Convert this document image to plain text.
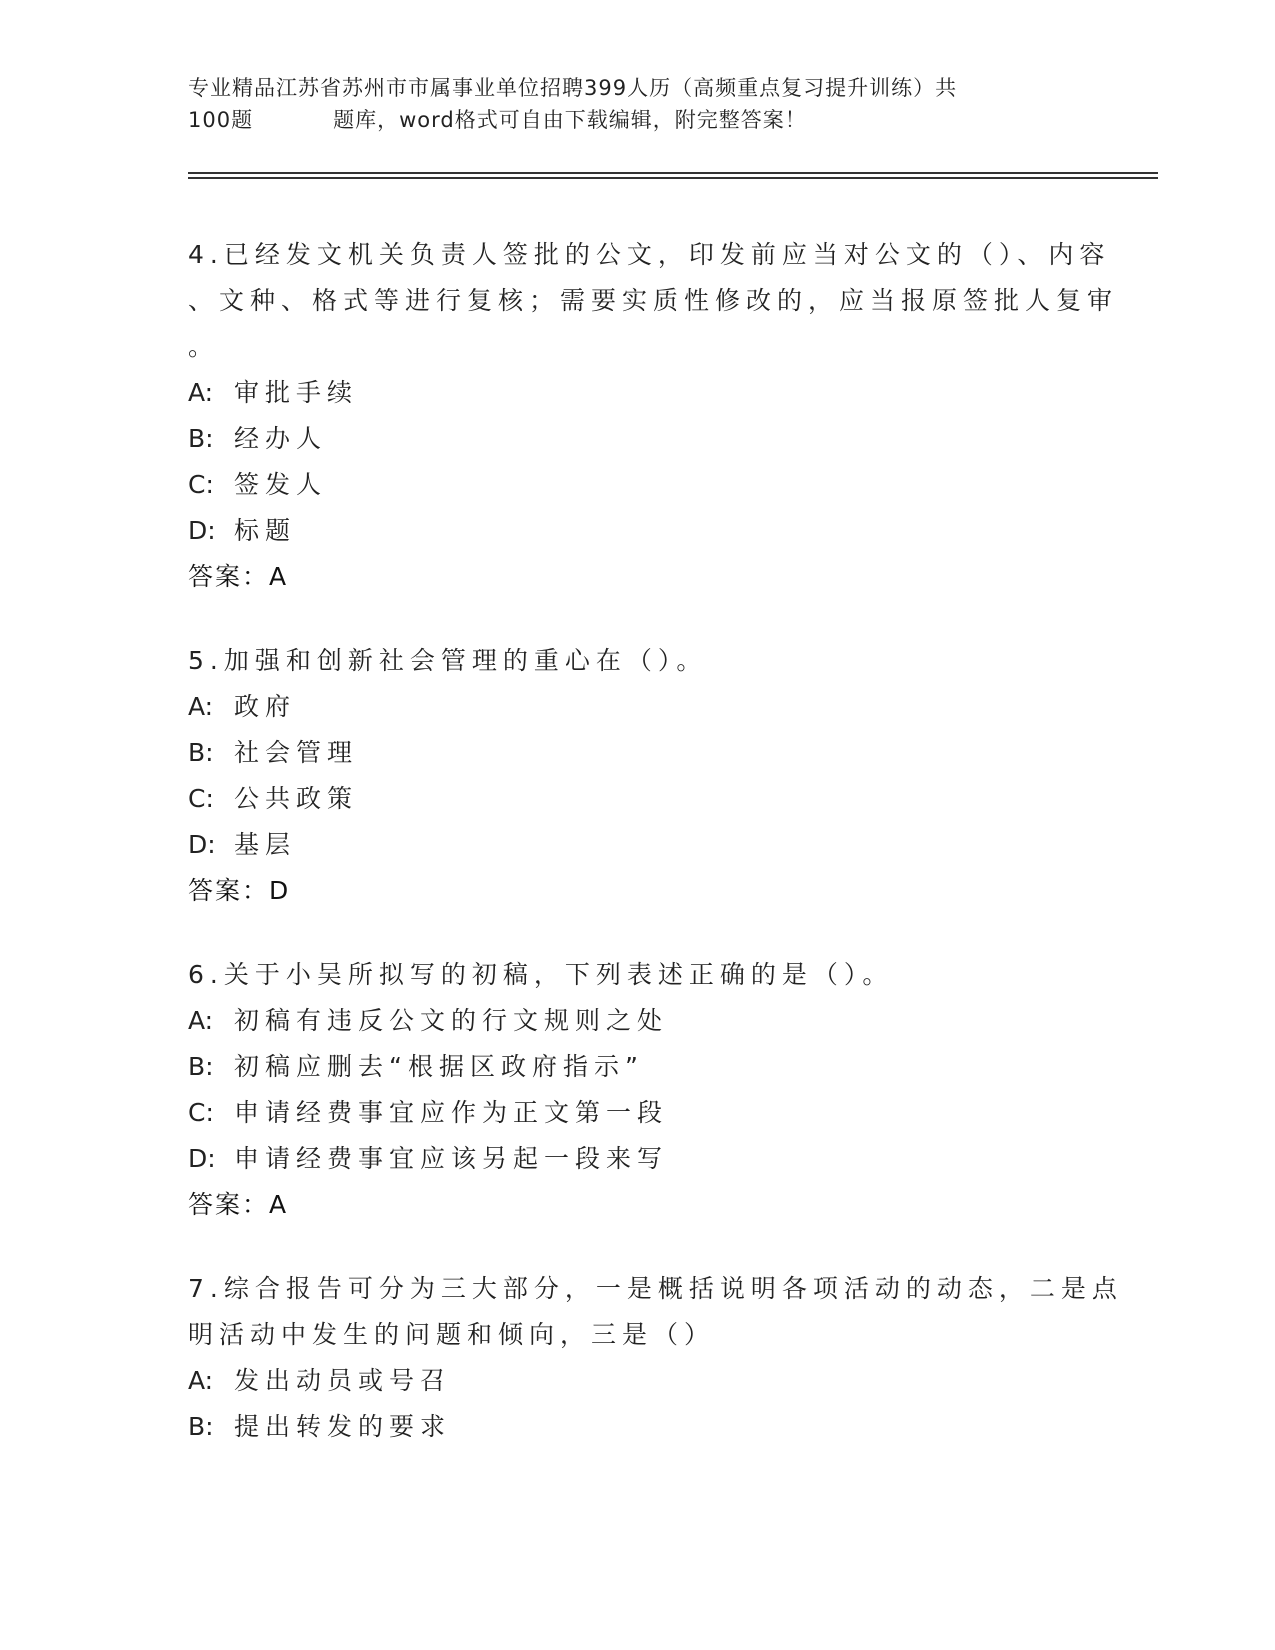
专业精品江苏省苏州市市属事业单位招聘399人历（高频重点复习提升训练）共
100题	题库，word格式可自由下载编辑，附完整答案！
4.已经发文机关负责人签批的公文，印发前应当对公文的（）、内容
、文种、格式等进行复核；需要实质性修改的，应当报原签批人复审
。
A: 审批手续
B: 经办人
C: 签发人
D: 标题
答案：A
5.加强和创新社会管理的重心在（）。
A: 政府
B: 社会管理
C: 公共政策
D: 基层
答案：D
6.关于小吴所拟写的初稿，下列表述正确的是（）。
A: 初稿有违反公文的行文规则之处
B: 初稿应删去“根据区政府指示”
C: 申请经费事宜应作为正文第一段
D: 申请经费事宜应该另起一段来写
答案：A
7.综合报告可分为三大部分，一是概括说明各项活动的动态，二是点
明活动中发生的问题和倾向，三是（）
A: 发出动员或号召
B: 提出转发的要求
